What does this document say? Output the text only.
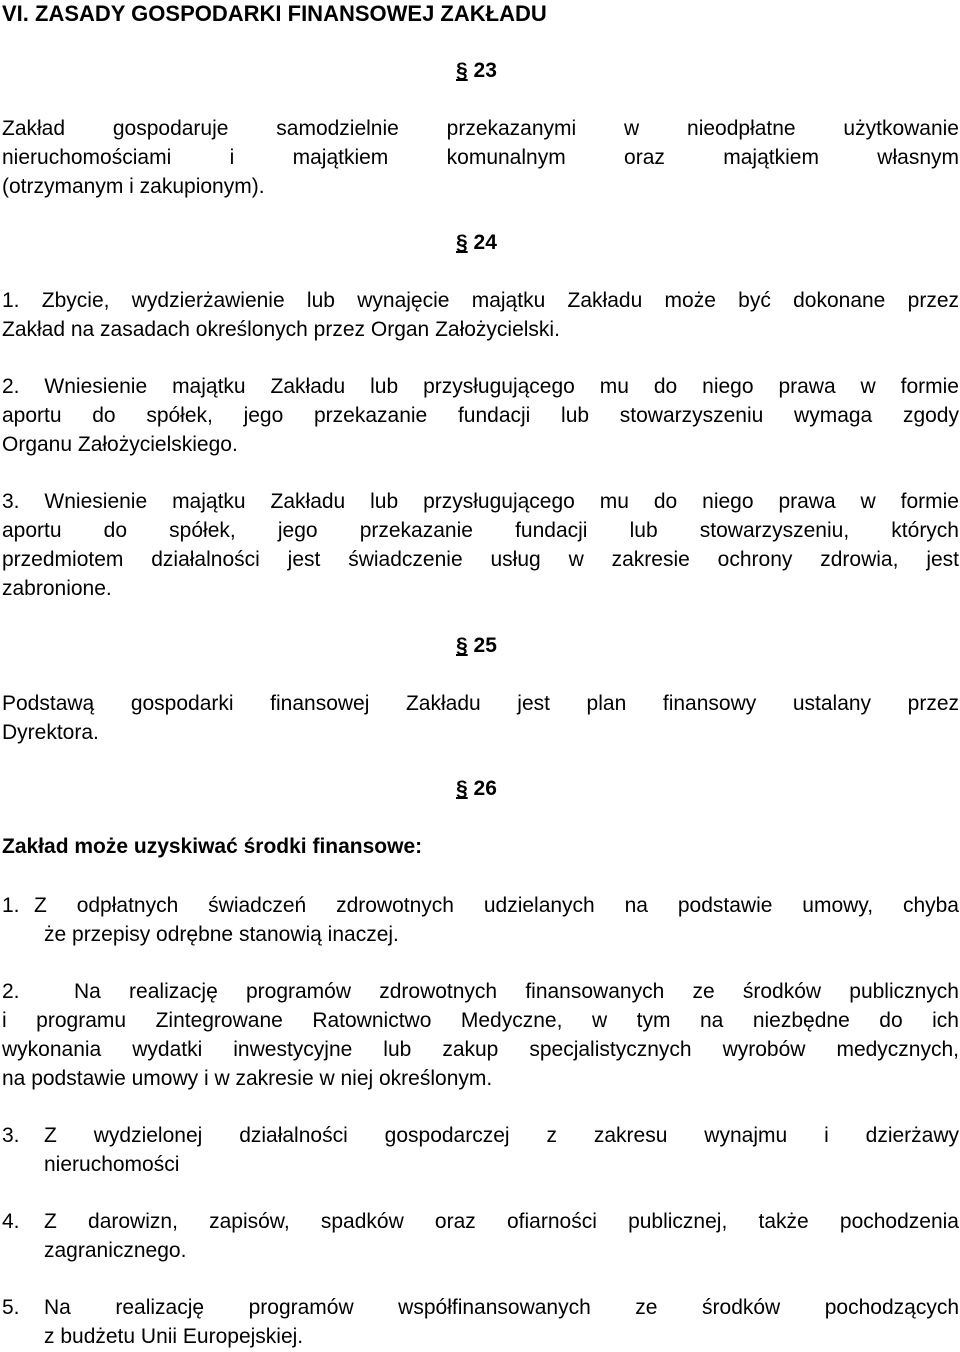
VI. ZASADY GOSPODARKI FINANSOWEJ ZAKŁADU
§ 23
Zakład gospodaruje samodzielnie przekazanymi w nieodpłatne użytkowanie
nieruchomościami i majątkiem komunalnym oraz majątkiem własnym
(otrzymanym i zakupionym).
§ 24
1. Zbycie, wydzierżawienie lub wynajęcie majątku Zakładu może być dokonane przez
Zakład na zasadach określonych przez Organ Założycielski.
2. Wniesienie majątku Zakładu lub przysługującego mu do niego prawa w formie
aportu do spółek, jego przekazanie fundacji lub stowarzyszeniu wymaga zgody
Organu Założycielskiego.
3. Wniesienie majątku Zakładu lub przysługującego mu do niego prawa w formie
aportu do spółek, jego przekazanie fundacji lub stowarzyszeniu, których
przedmiotem działalności jest świadczenie usług w zakresie ochrony zdrowia, jest
zabronione.
§ 25
Podstawą gospodarki finansowej Zakładu jest plan finansowy ustalany przez
Dyrektora.
§ 26
Zakład może uzyskiwać środki finansowe:
1. Z odpłatnych świadczeń zdrowotnych udzielanych na podstawie umowy, chyba
że przepisy odrębne stanowią inaczej.
2.	Na realizację programów zdrowotnych finansowanych ze środków publicznych
i programu Zintegrowane Ratownictwo Medyczne, w tym na niezbędne do ich
wykonania wydatki inwestycyjne lub zakup specjalistycznych wyrobów medycznych,
na podstawie umowy i w zakresie w niej określonym.
3. Z wydzielonej działalności gospodarczej z zakresu wynajmu i dzierżawy
nieruchomości
4. Z darowizn, zapisów, spadków oraz ofiarności publicznej, także pochodzenia
zagranicznego.
5. Na realizację programów współfinansowanych ze środków pochodzących
z budżetu Unii Europejskiej.
